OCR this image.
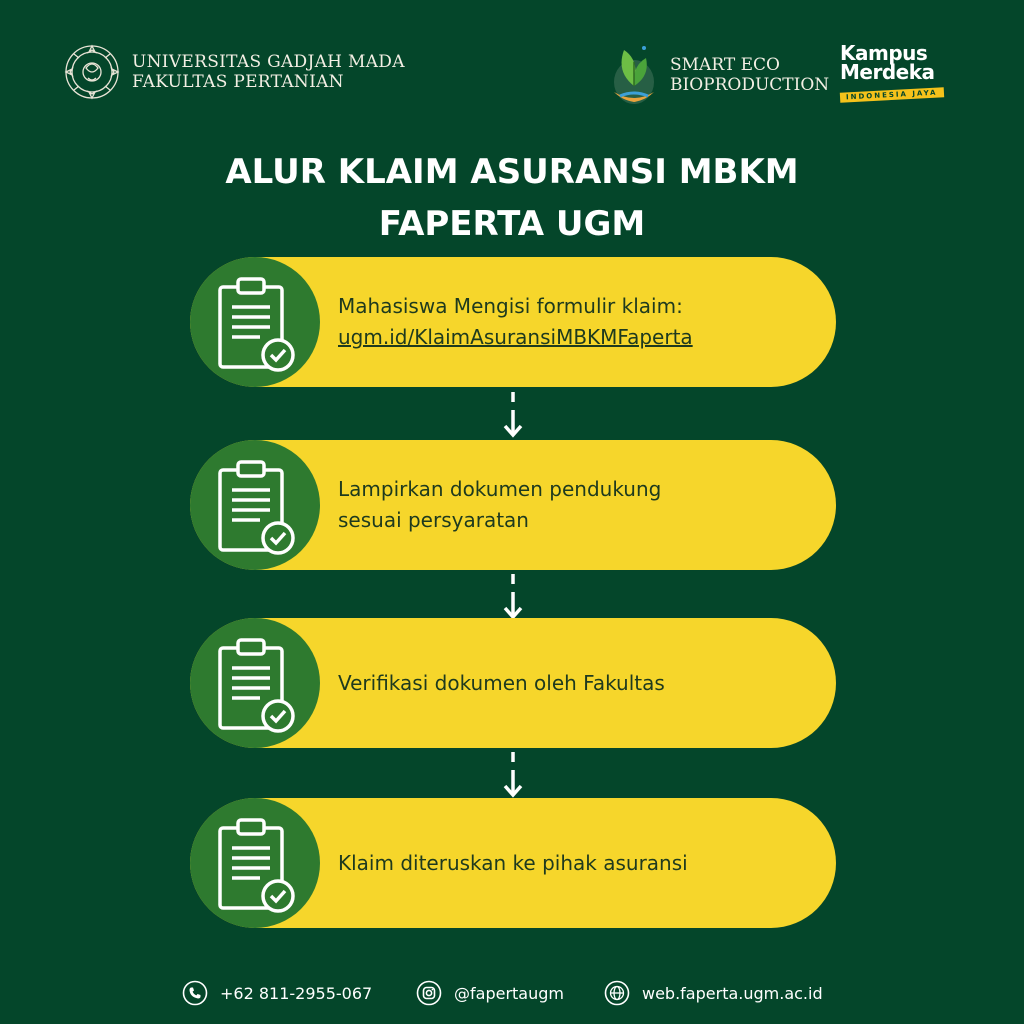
UNIVERSITAS GADJAH MADA
FAKULTAS PERTANIAN
SMART ECO
BIOPRODUCTION
Kampus
Merdeka
INDONESIA JAYA
ALUR KLAIM ASURANSI MBKM
FAPERTA UGM
Mahasiswa Mengisi formulir klaim:
ugm.id/KlaimAsuransiMBKMFaperta
Lampirkan dokumen pendukung
sesuai persyaratan
Verifikasi dokumen oleh Fakultas
Klaim diteruskan ke pihak asuransi
+62 811-2955-067	@fapertaugm	web.faperta.ugm.ac.id
